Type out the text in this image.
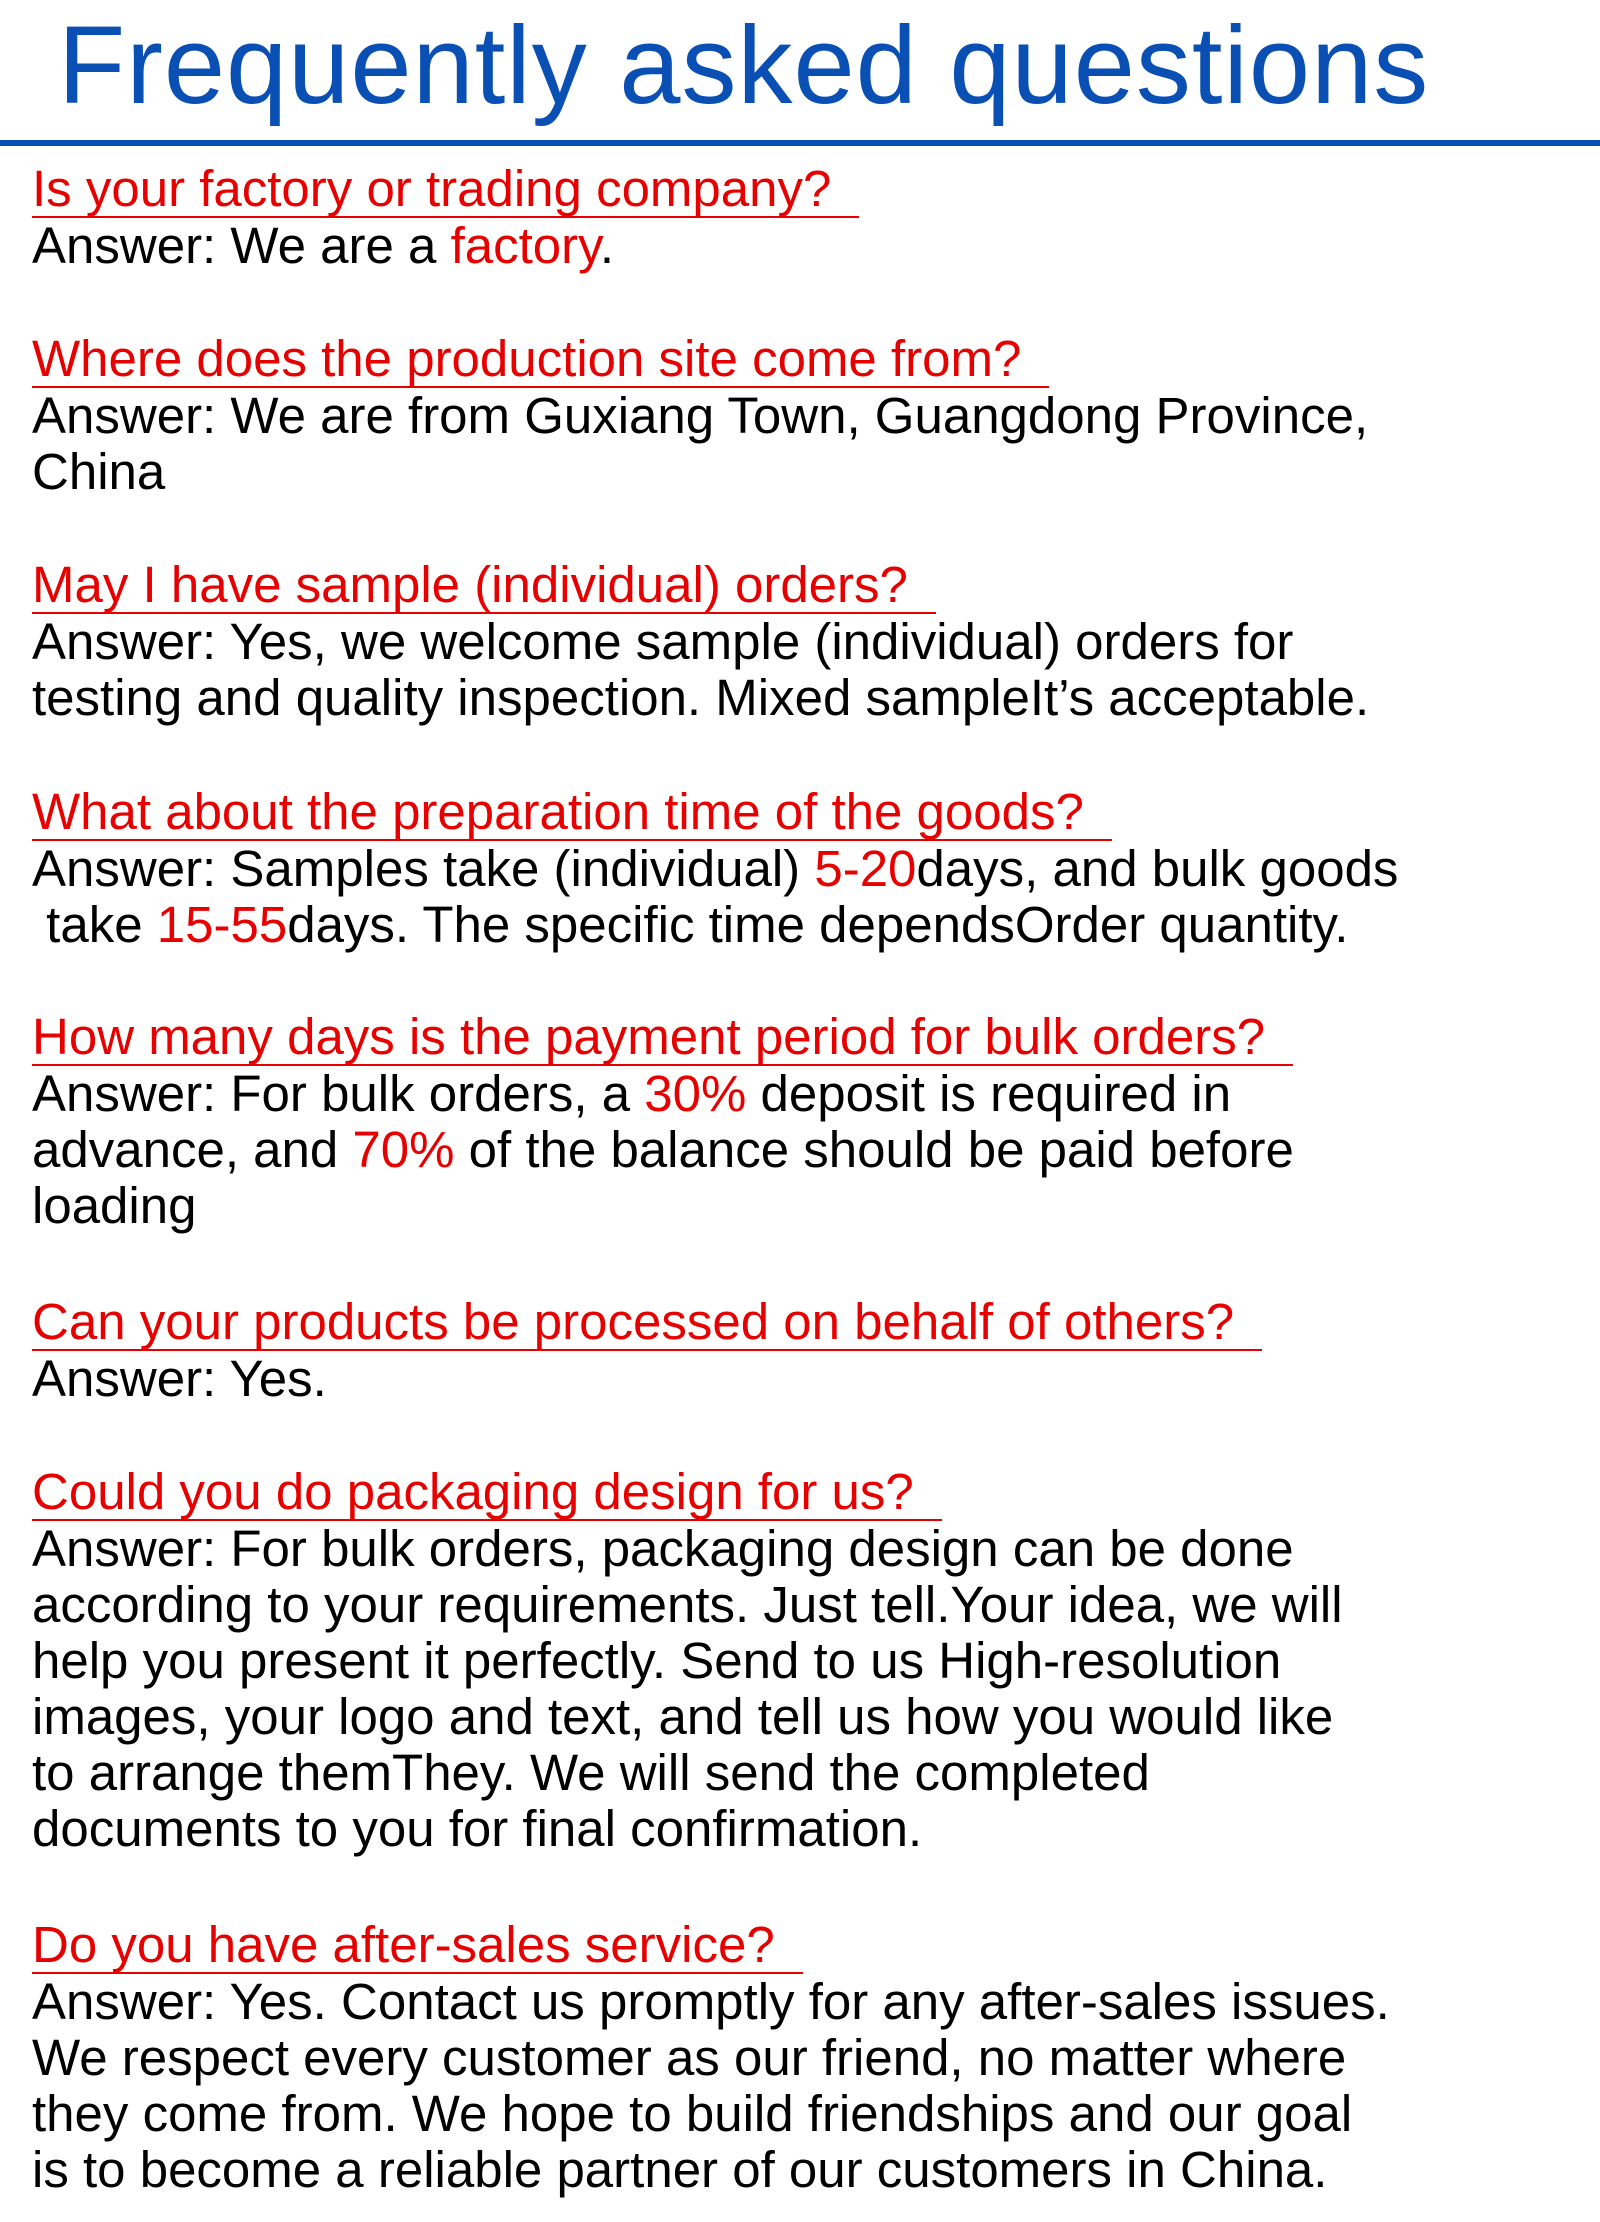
Frequently asked questions
Is your factory or trading company?

Answer: We are a factory.

Where does the production site come from?

Answer: We are from Guxiang Town, Guangdong Province,
China

May I have sample (individual) orders?

Answer: Yes, we welcome sample (individual) orders for
testing and quality inspection. Mixed sampleIt’s acceptable.

What about the preparation time of the goods?

Answer: Samples take (individual) 5-20days, and bulk goods
take 15-55days. The specific time dependsOrder quantity.

How many days is the payment period for bulk orders?

Answer: For bulk orders, a 30% deposit is required in
advance, and 70% of the balance should be paid before
loading

Can your products be processed on behalf of others?

Answer: Yes.

Could you do packaging design for us?

Answer: For bulk orders, packaging design can be done
according to your requirements. Just tell.Your idea, we will
help you present it perfectly. Send to us High-resolution
images, your logo and text, and tell us how you would like
to arrange themThey. We will send the completed
documents to you for final confirmation.

Do you have after-sales service?

Answer: Yes. Contact us promptly for any after-sales issues.
We respect every customer as our friend, no matter where
they come from. We hope to build friendships and our goal
is to become a reliable partner of our customers in China.
